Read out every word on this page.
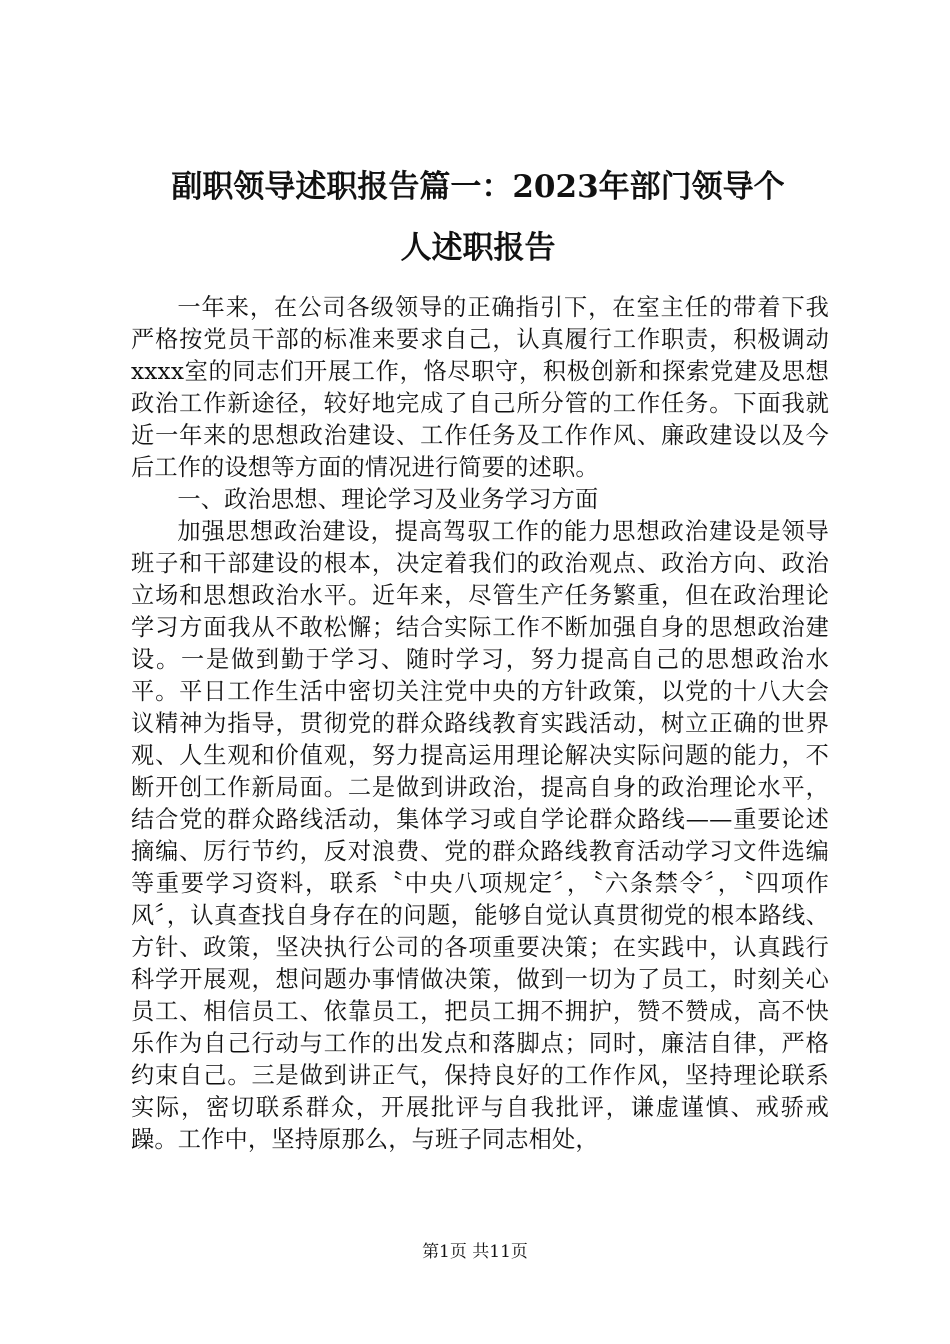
副职领导述职报告篇一：2023年部门领导个
人述职报告

一年来，在公司各级领导的正确指引下，在室主任的带着下我严格按党员干部的标准来要求自己，认真履行工作职责，积极调动xxxx室的同志们开展工作，恪尽职守，积极创新和探索党建及思想政治工作新途径，较好地完成了自己所分管的工作任务。下面我就近一年来的思想政治建设、工作任务及工作作风、廉政建设以及今后工作的设想等方面的情况进行简要的述职。

一、政治思想、理论学习及业务学习方面

加强思想政治建设，提高驾驭工作的能力思想政治建设是领导班子和干部建设的根本，决定着我们的政治观点、政治方向、政治立场和思想政治水平。近年来，尽管生产任务繁重，但在政治理论学习方面我从不敢松懈；结合实际工作不断加强自身的思想政治建设。一是做到勤于学习、随时学习，努力提高自己的思想政治水平。平日工作生活中密切关注党中央的方针政策，以党的十八大会议精神为指导，贯彻党的群众路线教育实践活动，树立正确的世界观、人生观和价值观，努力提高运用理论解决实际问题的能力，不断开创工作新局面。二是做到讲政治，提高自身的政治理论水平，结合党的群众路线活动，集体学习或自学论群众路线——重要论述摘编、厉行节约，反对浪费、党的群众路线教育活动学习文件选编等重要学习资料，联系〝中央八项规定〞，〝六条禁令〞，〝四项作风〞，认真查找自身存在的问题，能够自觉认真贯彻党的根本路线、方针、政策，坚决执行公司的各项重要决策；在实践中，认真践行科学开展观，想问题办事情做决策，做到一切为了员工，时刻关心员工、相信员工、依靠员工，把员工拥不拥护，赞不赞成，高不快乐作为自己行动与工作的出发点和落脚点；同时，廉洁自律，严格约束自己。三是做到讲正气，保持良好的工作作风，坚持理论联系实际，密切联系群众，开展批评与自我批评，谦虚谨慎、戒骄戒躁。工作中，坚持原那么，与班子同志相处，

第1页 共11页
